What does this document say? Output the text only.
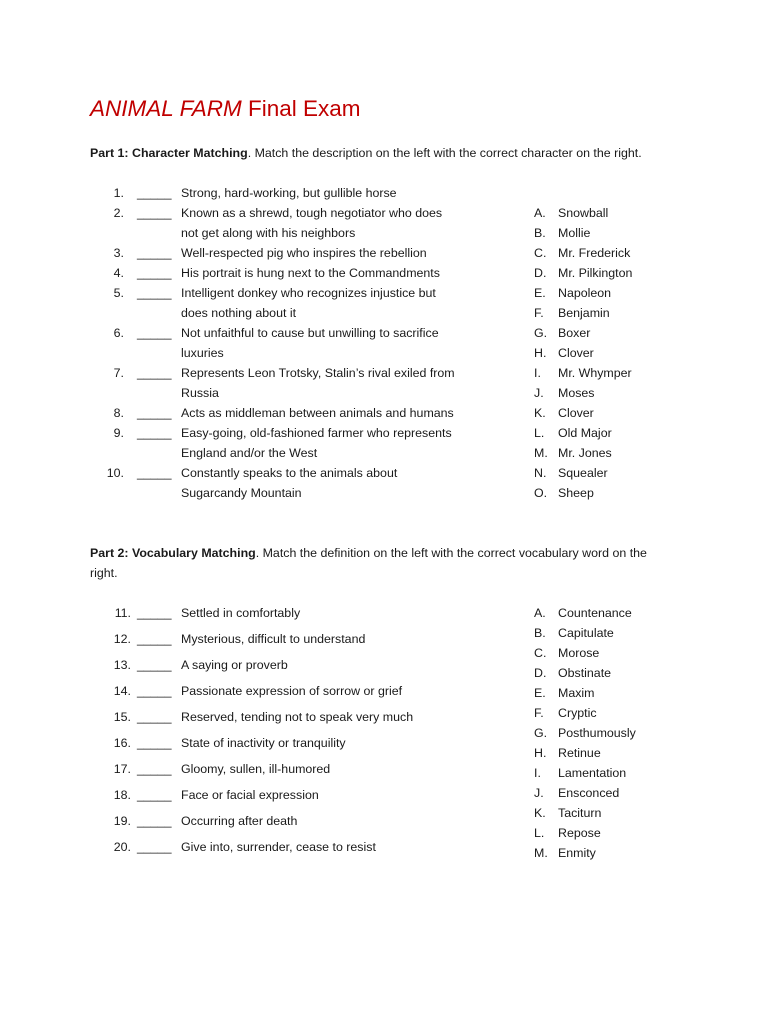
ANIMAL FARM Final Exam
Part 1: Character Matching. Match the description on the left with the correct character on the right.
1. _____ Strong, hard-working, but gullible horse
2. _____ Known as a shrewd, tough negotiator who does
not get along with his neighbors
3. _____ Well-respected pig who inspires the rebellion
4. _____ His portrait is hung next to the Commandments
5. _____ Intelligent donkey who recognizes injustice but
does nothing about it
6. _____ Not unfaithful to cause but unwilling to sacrifice
luxuries
7. _____ Represents Leon Trotsky, Stalin’s rival exiled from
Russia
8. _____ Acts as middleman between animals and humans
9. _____ Easy-going, old-fashioned farmer who represents
England and/or the West
10. _____ Constantly speaks to the animals about
Sugarcandy Mountain
A. Snowball
B. Mollie
C. Mr. Frederick
D. Mr. Pilkington
E. Napoleon
F. Benjamin
G. Boxer
H. Clover
I. Mr. Whymper
J. Moses
K. Clover
L. Old Major
M. Mr. Jones
N. Squealer
O. Sheep
Part 2: Vocabulary Matching. Match the definition on the left with the correct vocabulary word on the
right.
11. _____ Settled in comfortably
12. _____ Mysterious, difficult to understand
13. _____ A saying or proverb
14. _____ Passionate expression of sorrow or grief
15. _____ Reserved, tending not to speak very much
16. _____ State of inactivity or tranquility
17. _____ Gloomy, sullen, ill-humored
18. _____ Face or facial expression
19. _____ Occurring after death
20. _____ Give into, surrender, cease to resist
A. Countenance
B. Capitulate
C. Morose
D. Obstinate
E. Maxim
F. Cryptic
G. Posthumously
H. Retinue
I. Lamentation
J. Ensconced
K. Taciturn
L. Repose
M. Enmity
